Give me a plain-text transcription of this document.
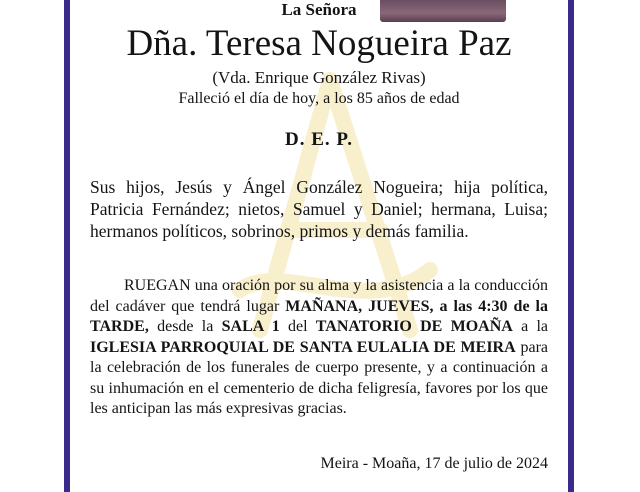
La Señora
Dña. Teresa Nogueira Paz
(Vda. Enrique González Rivas)
Falleció el día de hoy, a los 85 años de edad
D. E. P.
Sus hijos, Jesús y Ángel González Nogueira; hija política, Patricia Fernández; nietos, Samuel y Daniel; hermana, Luisa; hermanos políticos, sobrinos, primos y demás familia.
RUEGAN una oración por su alma y la asistencia a la conducción del cadáver que tendrá lugar MAÑANA, JUEVES, a las 4:30 de la TARDE, desde la SALA 1 del TANATORIO DE MOAÑA a la IGLESIA PARROQUIAL DE SANTA EULALIA DE MEIRA para la celebración de los funerales de cuerpo presente, y a continuación a su inhumación en el cementerio de dicha feligresía, favores por los que les anticipan las más expresivas gracias.
Meira - Moaña, 17 de julio de 2024
